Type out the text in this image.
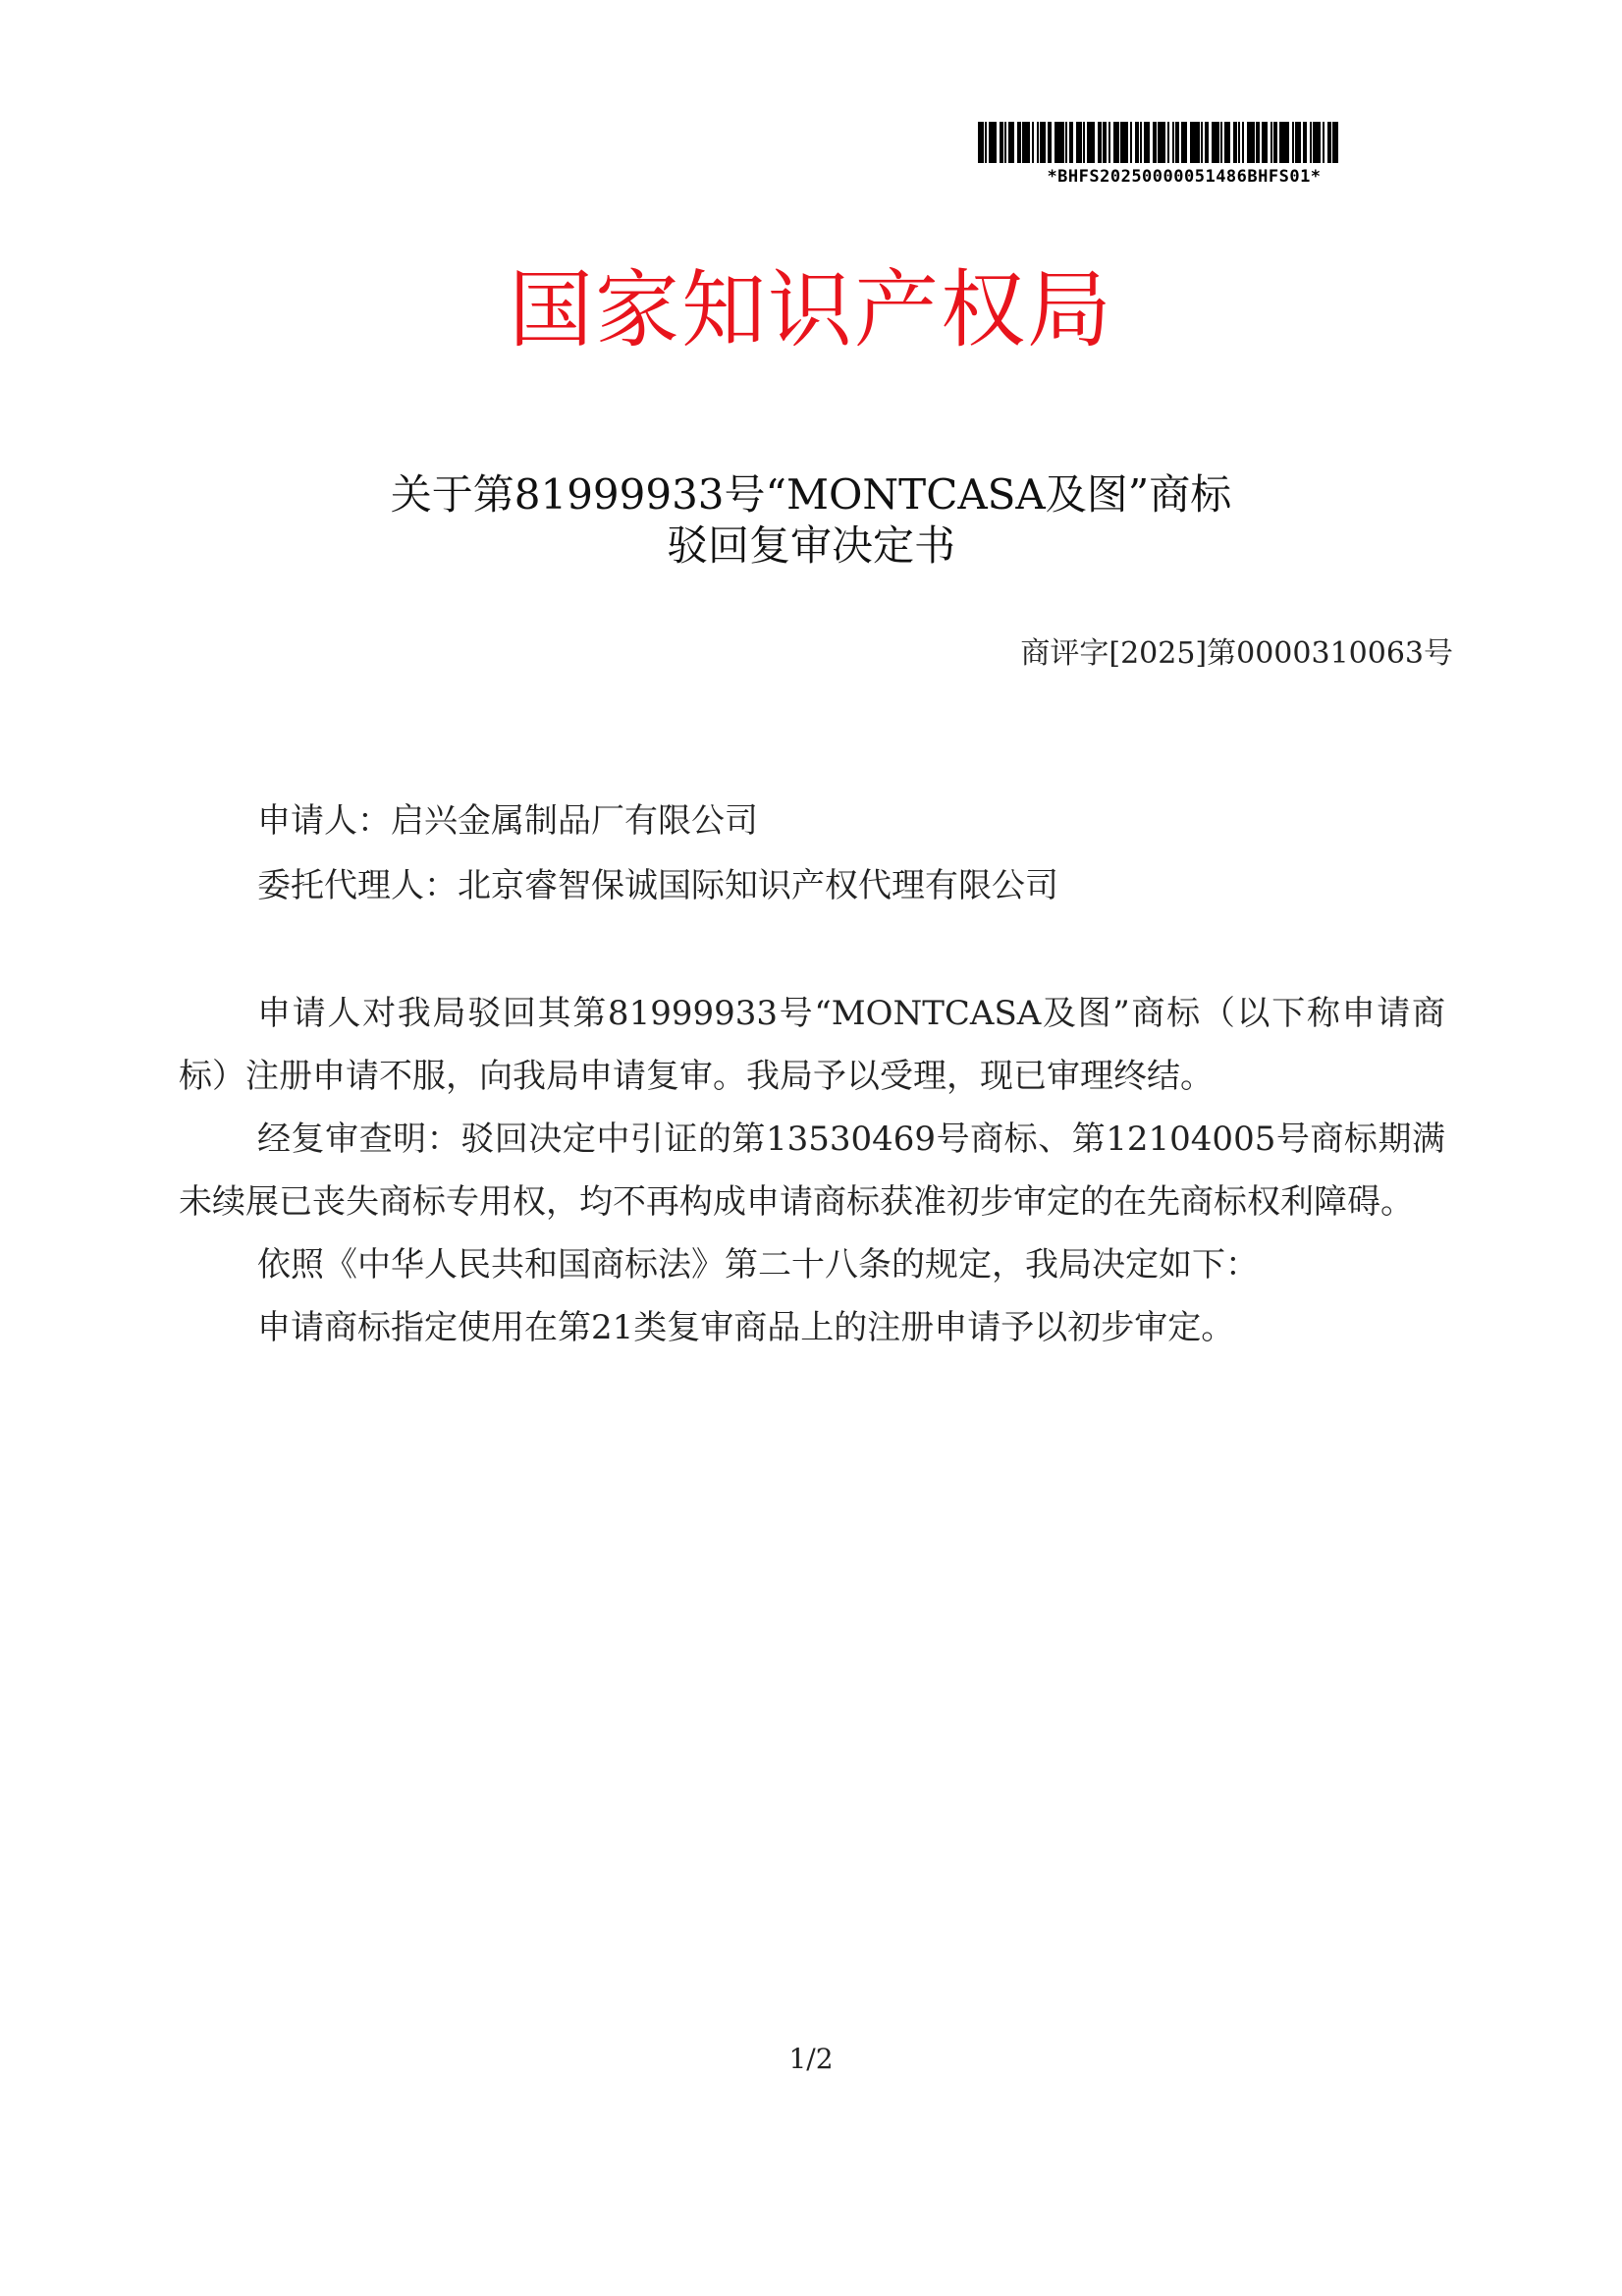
*BHFS20250000051486BHFS01*
国家知识产权局
关于第81999933号“MONTCASA及图”商标
驳回复审决定书
商评字[2025]第0000310063号
申请人：启兴金属制品厂有限公司
委托代理人：北京睿智保诚国际知识产权代理有限公司

申请人对我局驳回其第81999933号“MONTCASA及图”商标（以下称申请商标）注册申请不服，向我局申请复审。我局予以受理，现已审理终结。

经复审查明：驳回决定中引证的第13530469号商标、第12104005号商标期满未续展已丧失商标专用权，均不再构成申请商标获准初步审定的在先商标权利障碍。

依照《中华人民共和国商标法》第二十八条的规定，我局决定如下：

申请商标指定使用在第21类复审商品上的注册申请予以初步审定。

1/2
